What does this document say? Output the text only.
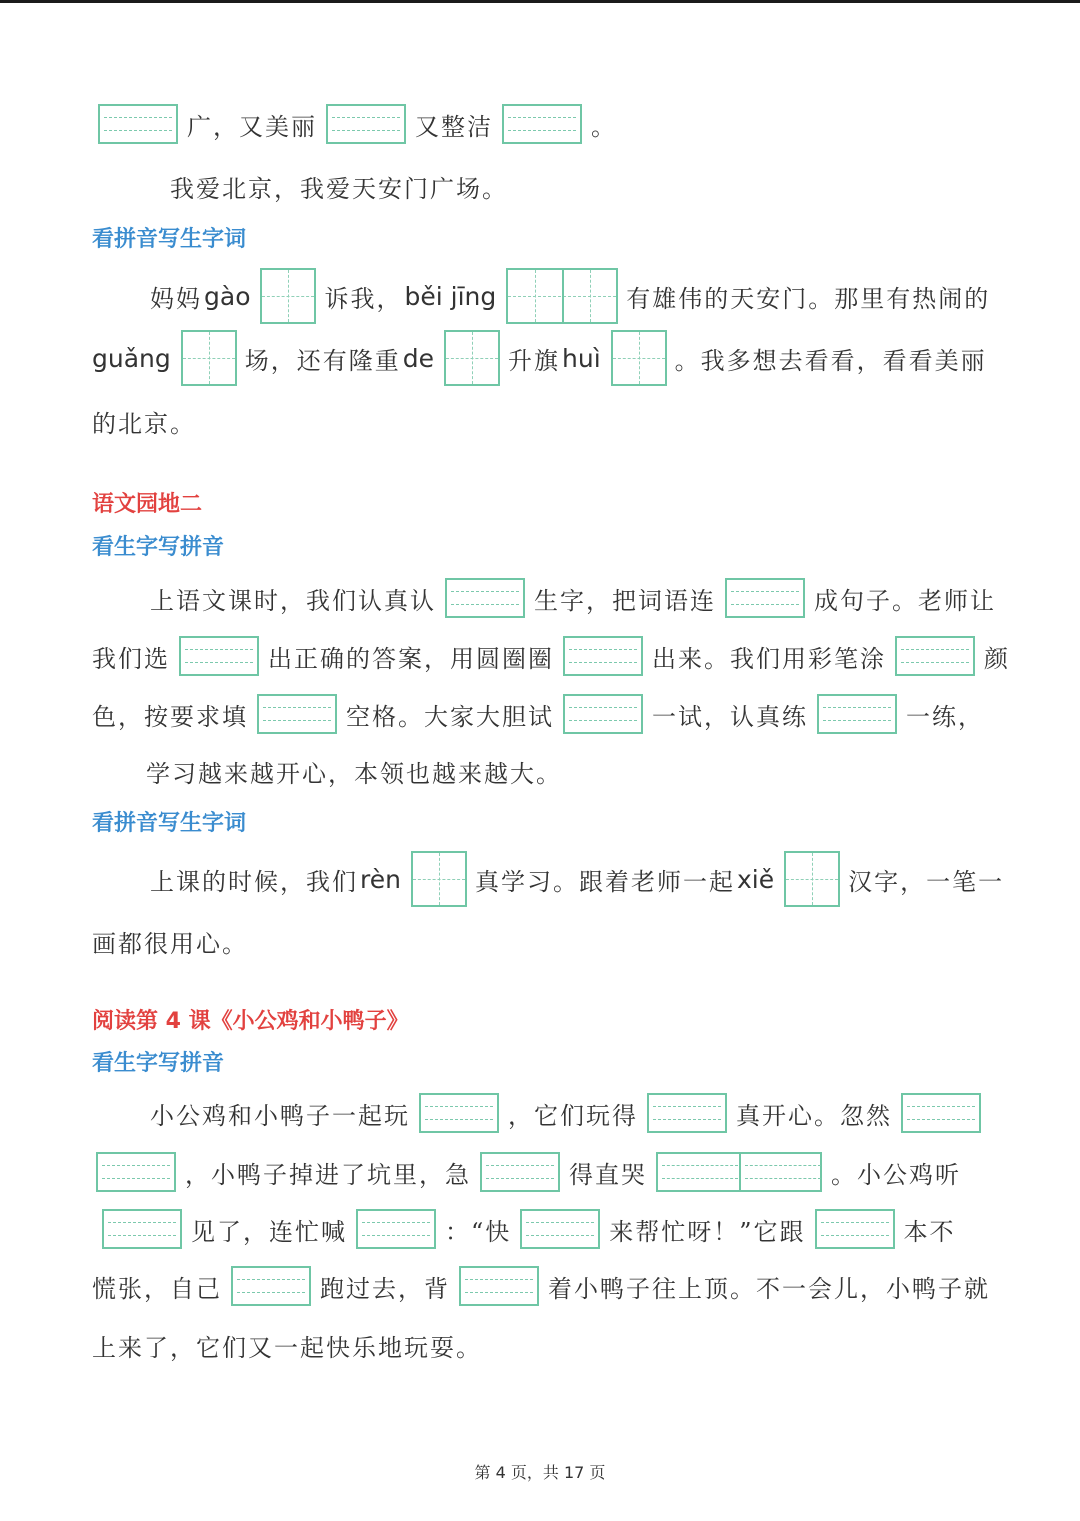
广，又美丽	又整洁	。
我爱北京，我爱天安门广场。
看拼音写生字词
妈妈 gào	诉我， běi jīng	有雄伟的天安门。那里有热闹的
guǎng	场，还有隆重 de	升旗 huì	。我多想去看看，看看美丽
的北京。
语文园地二
看生字写拼音
上语文课时，我们认真认	生字，把词语连	成句子。老师让
我们选	出正确的答案，用圆圈圈	出来。我们用彩笔涂	颜
色，按要求填	空格。大家大胆试	一试，认真练	一练，
学习越来越开心，本领也越来越大。
看拼音写生字词
上课的时候，我们 rèn	真学习。跟着老师一起 xiě	汉字，一笔一
画都很用心。
阅读第 4 课《小公鸡和小鸭子》
看生字写拼音
小公鸡和小鸭子一起玩	，它们玩得	真开心。忽然
，小鸭子掉进了坑里，急	得直哭	。小公鸡听
见了，连忙喊	：“快	来帮忙呀！”它跟	本不
慌张，自己	跑过去，背	着小鸭子往上顶。不一会儿，小鸭子就
上来了，它们又一起快乐地玩耍。
第 4 页，共 17 页
